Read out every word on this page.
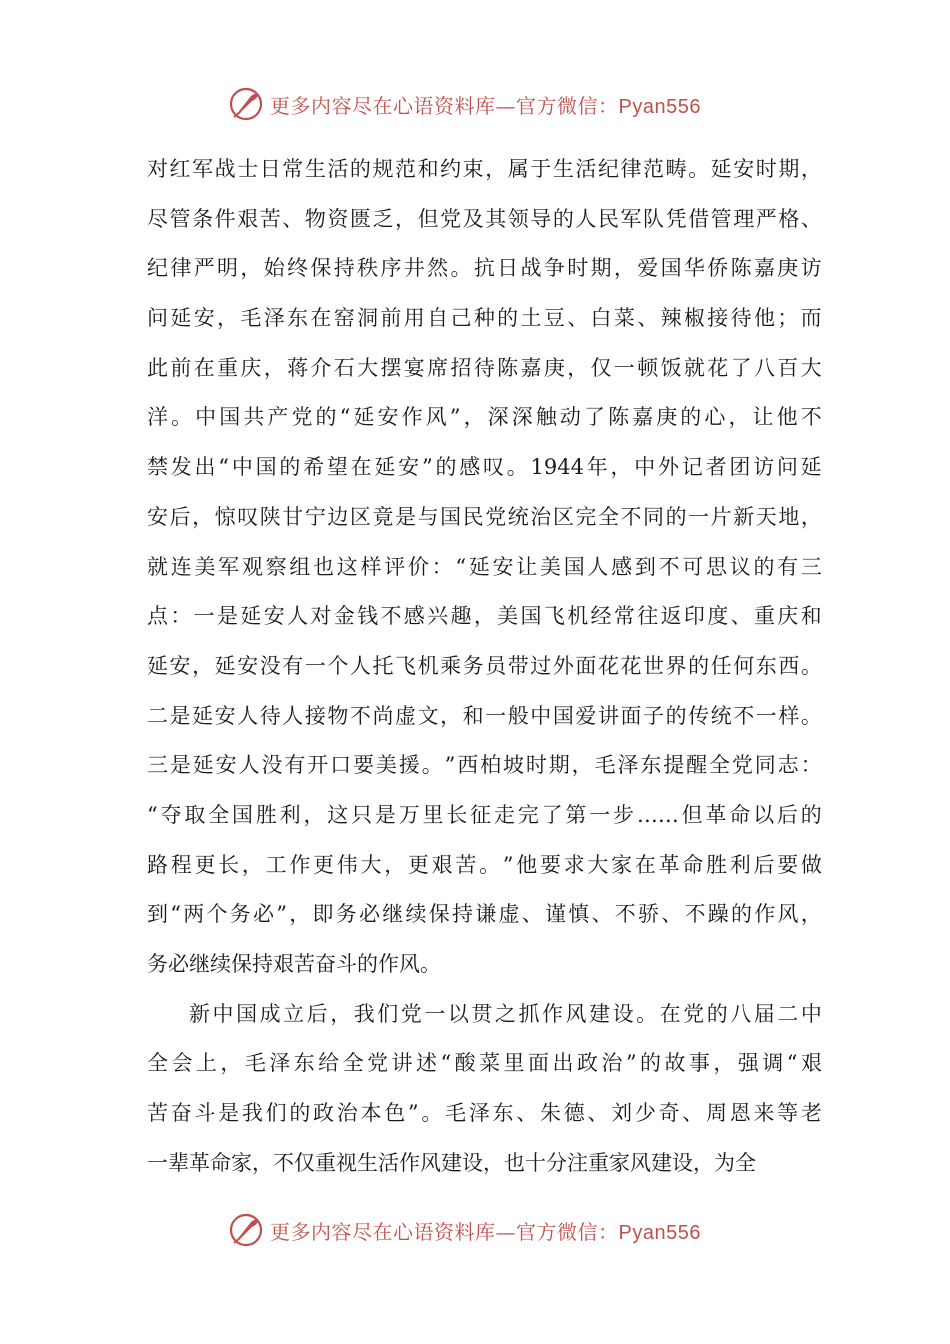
更多内容尽在心语资料库—官方微信：Pyan556
对 红 军 战 士 日 常 生 活 的 规 范 和 约 束 ， 属 于 生 活 纪 律 范 畴 。 延 安 时 期 ，
尽 管 条 件 艰 苦 、 物 资 匮 乏 ， 但 党 及 其 领 导 的 人 民 军 队 凭 借 管 理 严 格 、
纪 律 严 明 ， 始 终 保 持 秩 序 井 然 。 抗 日 战 争 时 期 ， 爱 国 华 侨 陈 嘉 庚 访
问 延 安 ， 毛 泽 东 在 窑 洞 前 用 自 己 种 的 土 豆 、 白 菜 、 辣 椒 接 待 他 ； 而
此 前 在 重 庆 ， 蒋 介 石 大 摆 宴 席 招 待 陈 嘉 庚 ， 仅 一 顿 饭 就 花 了 八 百 大
洋 。 中 国 共 产 党 的 “ 延 安 作 风 ” ， 深 深 触 动 了 陈 嘉 庚 的 心 ， 让 他 不
禁 发 出 “ 中 国 的 希 望 在 延 安 ” 的 感 叹 。 1944 年 ， 中 外 记 者 团 访 问 延
安 后 ， 惊 叹 陕 甘 宁 边 区 竟 是 与 国 民 党 统 治 区 完 全 不 同 的 一 片 新 天 地 ，
就 连 美 军 观 察 组 也 这 样 评 价 ： “ 延 安 让 美 国 人 感 到 不 可 思 议 的 有 三
点 ： 一 是 延 安 人 对 金 钱 不 感 兴 趣 ， 美 国 飞 机 经 常 往 返 印 度 、 重 庆 和
延 安 ， 延 安 没 有 一 个 人 托 飞 机 乘 务 员 带 过 外 面 花 花 世 界 的 任 何 东 西 。
二 是 延 安 人 待 人 接 物 不 尚 虚 文 ， 和 一 般 中 国 爱 讲 面 子 的 传 统 不 一 样 。
三 是 延 安 人 没 有 开 口 要 美 援 。 ” 西 柏 坡 时 期 ， 毛 泽 东 提 醒 全 党 同 志 ：
“ 夺 取 全 国 胜 利 ， 这 只 是 万 里 长 征 走 完 了 第 一 步 …… 但 革 命 以 后 的
路 程 更 长 ， 工 作 更 伟 大 ， 更 艰 苦 。 ” 他 要 求 大 家 在 革 命 胜 利 后 要 做
到 “ 两 个 务 必 ” ， 即 务 必 继 续 保 持 谦 虚 、 谨 慎 、 不 骄 、 不 躁 的 作 风 ，
务必继续保持艰苦奋斗的作风。
新 中 国 成 立 后 ， 我 们 党 一 以 贯 之 抓 作 风 建 设 。 在 党 的 八 届 二 中
全 会 上 ， 毛 泽 东 给 全 党 讲 述 “ 酸 菜 里 面 出 政 治 ” 的 故 事 ， 强 调 “ 艰
苦 奋 斗 是 我 们 的 政 治 本 色 ” 。 毛 泽 东 、 朱 德 、 刘 少 奇 、 周 恩 来 等 老
一 辈 革 命 家 ， 不 仅 重 视 生 活 作 风 建 设 ， 也 十 分 注 重 家 风 建 设 ， 为 全
更多内容尽在心语资料库—官方微信：Pyan556
